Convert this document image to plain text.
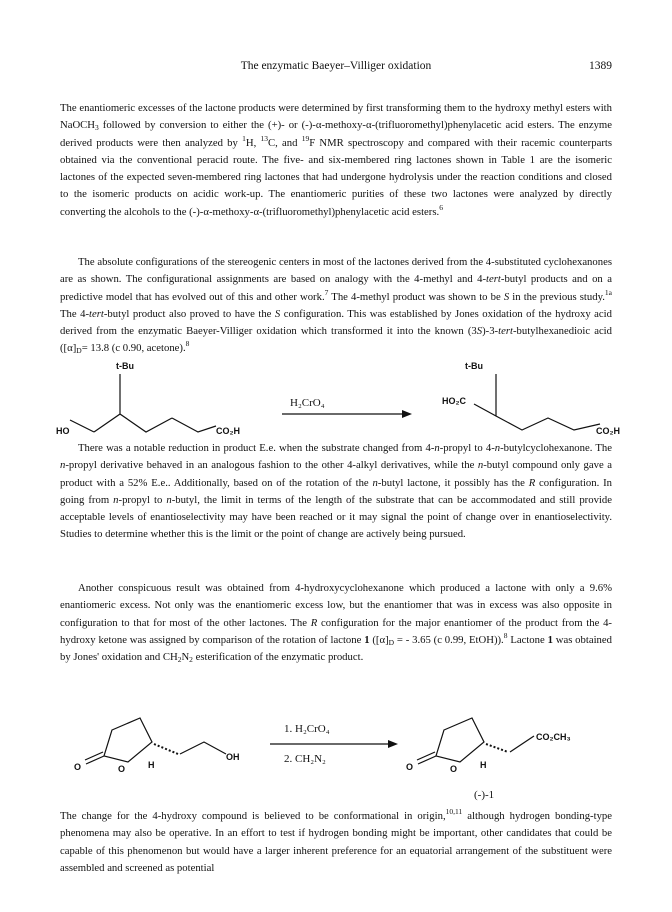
The enzymatic Baeyer–Villiger oxidation	1389

The enantiomeric excesses of the lactone products were determined by first transforming them to the hydroxy methyl esters with NaOCH$_3$ followed by conversion to either the (+)- or (-)-α-methoxy-α-(trifluoromethyl)phenylacetic acid esters. The enzyme derived products were then analyzed by $^1$H, $^{13}$C, and $^{19}$F NMR spectroscopy and compared with their racemic counterparts obtained via the conventional peracid route. The five- and six-membered ring lactones shown in Table 1 are the isomeric lactones of the expected seven-membered ring lactones that had undergone hydrolysis under the reaction conditions and closed to the isomeric products on acidic work-up. The enantiomeric purities of these two lactones were analyzed by directly converting the alcohols to the (-)-α-methoxy-α-(trifluoromethyl)phenylacetic acid esters.$^6$

The absolute configurations of the stereogenic centers in most of the lactones derived from the 4-substituted cyclohexanones are as shown. The configurational assignments are based on analogy with the 4-methyl and 4-tert-butyl products and on a predictive model that has evolved out of this and other work.$^7$ The 4-methyl product was shown to be S in the previous study.$^{1a}$ The 4-tert-butyl product also proved to have the S configuration. This was established by Jones oxidation of the hydroxy acid derived from the enzymatic Baeyer-Villiger oxidation which transformed it into the known (3S)-3-tert-butylhexanedioic acid ($[\alpha]_D= 13.8$ (c 0.90, acetone).$^8$

t-Bu
HO	CO₂H
H₂CrO₄
t-Bu
HO₂C
CO₂H

There was a notable reduction in product E.e. when the substrate changed from 4-n-propyl to 4-n-butylcyclohexanone. The n-propyl derivative behaved in an analogous fashion to the other 4-alkyl derivatives, while the n-butyl compound only gave a product with a 52% E.e.. Additionally, based on of the rotation of the n-butyl lactone, it possibly has the R configuration. In going from n-propyl to n-butyl, the limit in terms of the length of the substrate that can be accommodated and still provide acceptable levels of enantioselectivity may have been reached or it may signal the point of change over in enantioselectivity. Studies to determine whether this is the limit or the point of change are actively being pursued.

Another conspicuous result was obtained from 4-hydroxycyclohexanone which produced a lactone with only a 9.6% enantiomeric excess. Not only was the enantiomeric excess low, but the enantiomer that was in excess was also opposite in configuration to that for most of the other lactones. The R configuration for the major enantiomer of the product from the 4-hydroxy ketone was assigned by comparison of the rotation of lactone 1 ($[\alpha]_D$ = - 3.65 (c 0.99, EtOH)).$^8$ Lactone 1 was obtained by Jones' oxidation and $CH_2N_2$ esterification of the enzymatic product.

O	O	H
OH
1. H₂CrO₄
2. CH₂N₂
O	O	H
CO₂CH₃
(-)-1

The change for the 4-hydroxy compound is believed to be conformational in origin,$^{10,11}$ although hydrogen bonding-type phenomena may also be operative. In an effort to test if hydrogen bonding might be important, other candidates that could be capable of this phenomenon but would have a larger inherent preference for an equatorial arrangement of the substituent were assembled and screened as potential
